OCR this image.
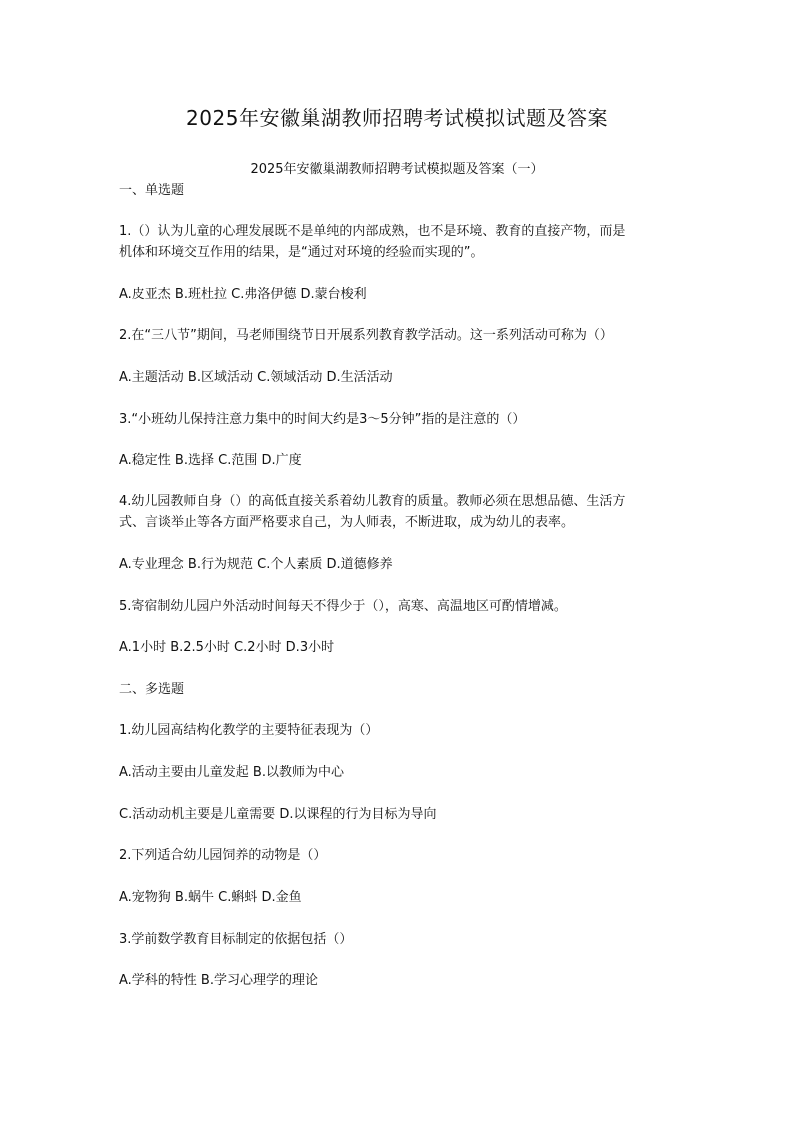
2025年安徽巢湖教师招聘考试模拟试题及答案
2025年安徽巢湖教师招聘考试模拟题及答案（一）

一、单选题

1.（）认为儿童的心理发展既不是单纯的内部成熟，也不是环境、教育的直接产物，而是

机体和环境交互作用的结果，是“通过对环境的经验而实现的”。

A.皮亚杰 B.班杜拉 C.弗洛伊德 D.蒙台梭利

2.在“三八节”期间，马老师围绕节日开展系列教育教学活动。这一系列活动可称为（）

A.主题活动 B.区域活动 C.领域活动 D.生活活动

3.“小班幼儿保持注意力集中的时间大约是3～5分钟”指的是注意的（）

A.稳定性 B.选择 C.范围 D.广度

4.幼儿园教师自身（）的高低直接关系着幼儿教育的质量。教师必须在思想品德、生活方

式、言谈举止等各方面严格要求自己，为人师表，不断进取，成为幼儿的表率。

A.专业理念 B.行为规范 C.个人素质 D.道德修养

5.寄宿制幼儿园户外活动时间每天不得少于（），高寒、高温地区可酌情增减。

A.1小时 B.2.5小时 C.2小时 D.3小时

二、多选题

1.幼儿园高结构化教学的主要特征表现为（）

A.活动主要由儿童发起 B.以教师为中心

C.活动动机主要是儿童需要 D.以课程的行为目标为导向

2.下列适合幼儿园饲养的动物是（）

A.宠物狗 B.蜗牛 C.蝌蚪 D.金鱼

3.学前数学教育目标制定的依据包括（）

A.学科的特性 B.学习心理学的理论
